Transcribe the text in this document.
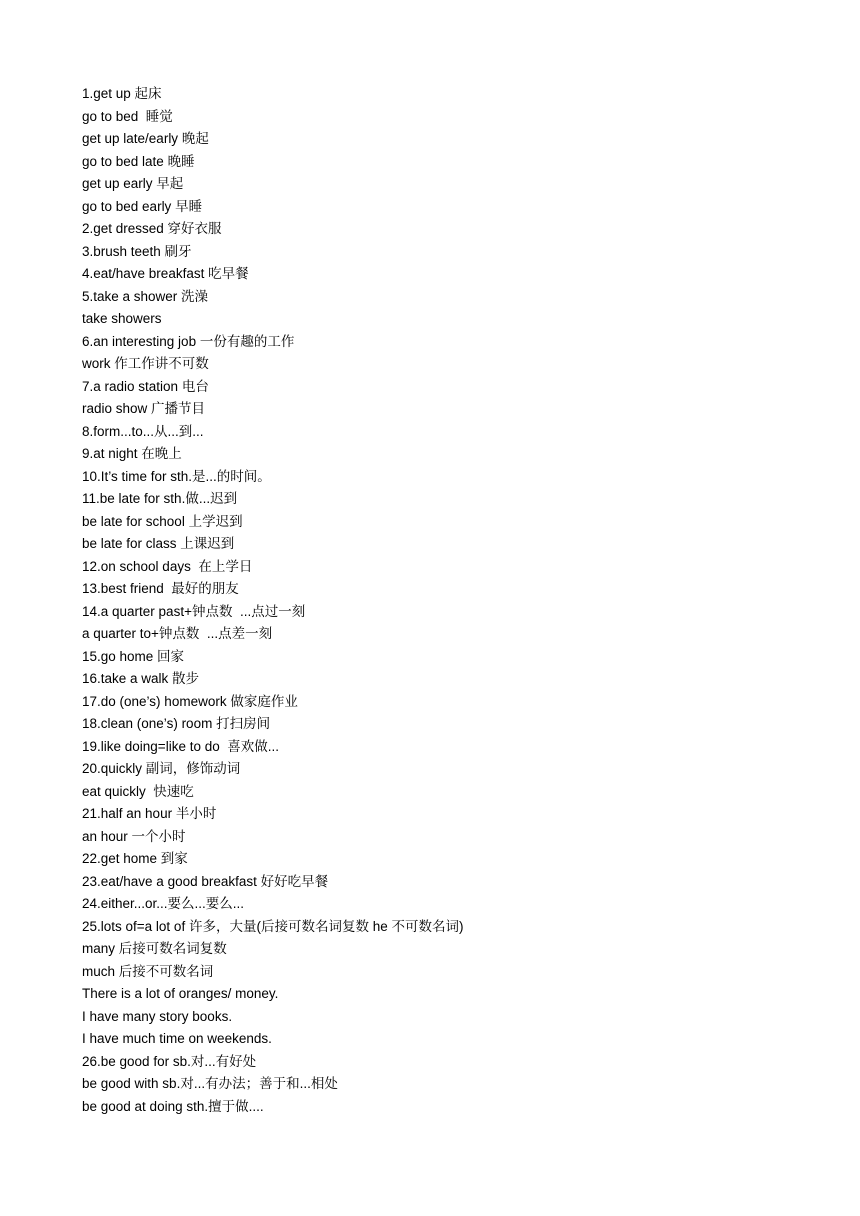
1.get up 起床
go to bed  睡觉
get up late/early 晚起
go to bed late 晚睡
get up early 早起
go to bed early 早睡
2.get dressed 穿好衣服
3.brush teeth 刷牙
4.eat/have breakfast 吃早餐
5.take a shower 洗澡
take showers
6.an interesting job 一份有趣的工作
work 作工作讲不可数
7.a radio station 电台
radio show 广播节目
8.form...to...从...到...
9.at night 在晚上
10.It’s time for sth.是...的时间。
11.be late for sth.做...迟到
be late for school 上学迟到
be late for class 上课迟到
12.on school days  在上学日
13.best friend  最好的朋友
14.a quarter past+钟点数  ...点过一刻
a quarter to+钟点数  ...点差一刻
15.go home 回家
16.take a walk 散步
17.do (one’s) homework 做家庭作业
18.clean (one’s) room 打扫房间
19.like doing=like to do  喜欢做...
20.quickly 副词，修饰动词
eat quickly  快速吃
21.half an hour 半小时
an hour 一个小时
22.get home 到家
23.eat/have a good breakfast 好好吃早餐
24.either...or...要么...要么...
25.lots of=a lot of 许多，大量(后接可数名词复数 he 不可数名词)
many 后接可数名词复数
much 后接不可数名词
There is a lot of oranges/ money.
I have many story books.
I have much time on weekends.
26.be good for sb.对...有好处
be good with sb.对...有办法；善于和...相处
be good at doing sth.擅于做....
